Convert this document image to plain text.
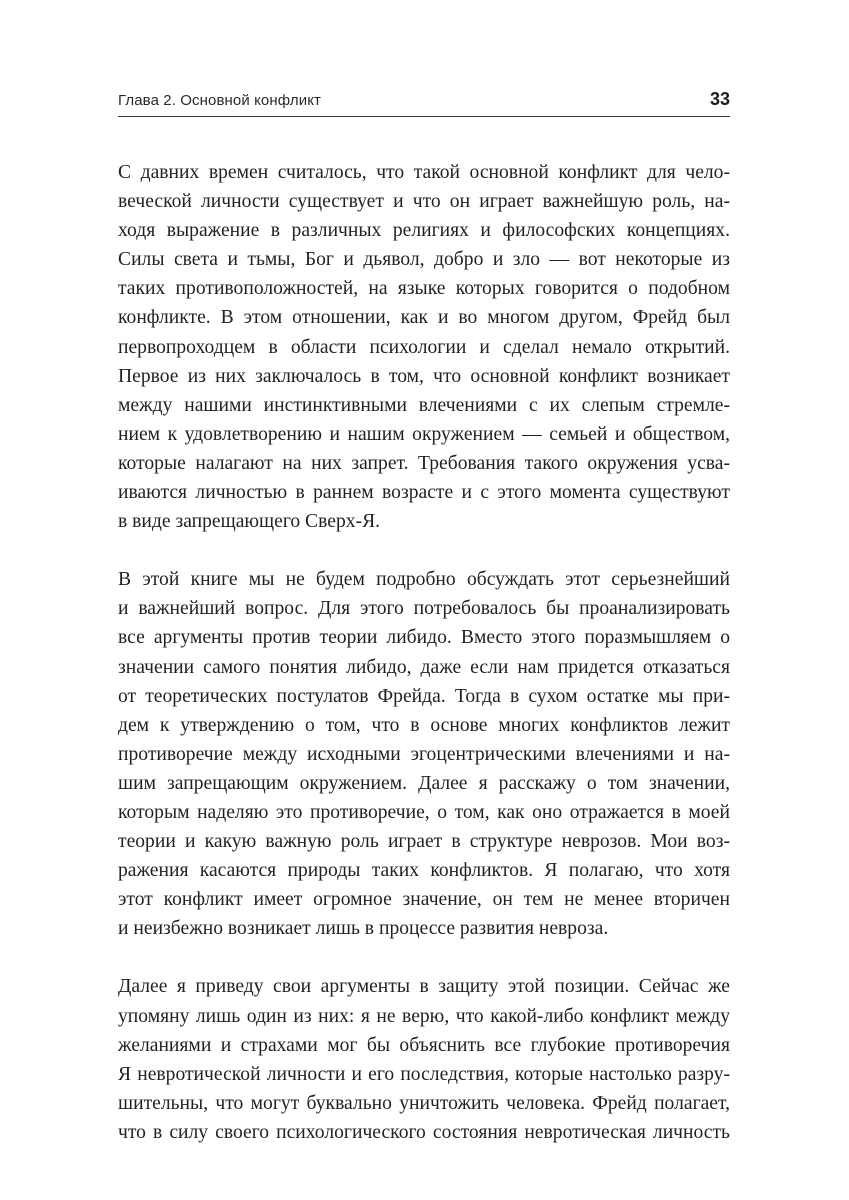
Глава 2. Основной конфликт	33

С давних времен считалось, что такой основной конфликт для чело-
веческой личности существует и что он играет важнейшую роль, на-
ходя выражение в различных религиях и философских концепциях.
Силы света и тьмы, Бог и дьявол, добро и зло — вот некоторые из
таких противоположностей, на языке которых говорится о подобном
конфликте. В этом отношении, как и во многом другом, Фрейд был
первопроходцем в области психологии и сделал немало открытий.
Первое из них заключалось в том, что основной конфликт возникает
между нашими инстинктивными влечениями с их слепым стремле-
нием к удовлетворению и нашим окружением — семьей и обществом,
которые налагают на них запрет. Требования такого окружения усва-
иваются личностью в раннем возрасте и с этого момента существуют
в виде запрещающего Сверх-Я.

В этой книге мы не будем подробно обсуждать этот серьезнейший
и важнейший вопрос. Для этого потребовалось бы проанализировать
все аргументы против теории либидо. Вместо этого поразмышляем о
значении самого понятия либидо, даже если нам придется отказаться
от теоретических постулатов Фрейда. Тогда в сухом остатке мы при-
дем к утверждению о том, что в основе многих конфликтов лежит
противоречие между исходными эгоцентрическими влечениями и на-
шим запрещающим окружением. Далее я расскажу о том значении,
которым наделяю это противоречие, о том, как оно отражается в моей
теории и какую важную роль играет в структуре неврозов. Мои воз-
ражения касаются природы таких конфликтов. Я полагаю, что хотя
этот конфликт имеет огромное значение, он тем не менее вторичен
и неизбежно возникает лишь в процессе развития невроза.

Далее я приведу свои аргументы в защиту этой позиции. Сейчас же
упомяну лишь один из них: я не верю, что какой-либо конфликт между
желаниями и страхами мог бы объяснить все глубокие противоречия
Я невротической личности и его последствия, которые настолько разру-
шительны, что могут буквально уничтожить человека. Фрейд полагает,
что в силу своего психологического состояния невротическая личность
